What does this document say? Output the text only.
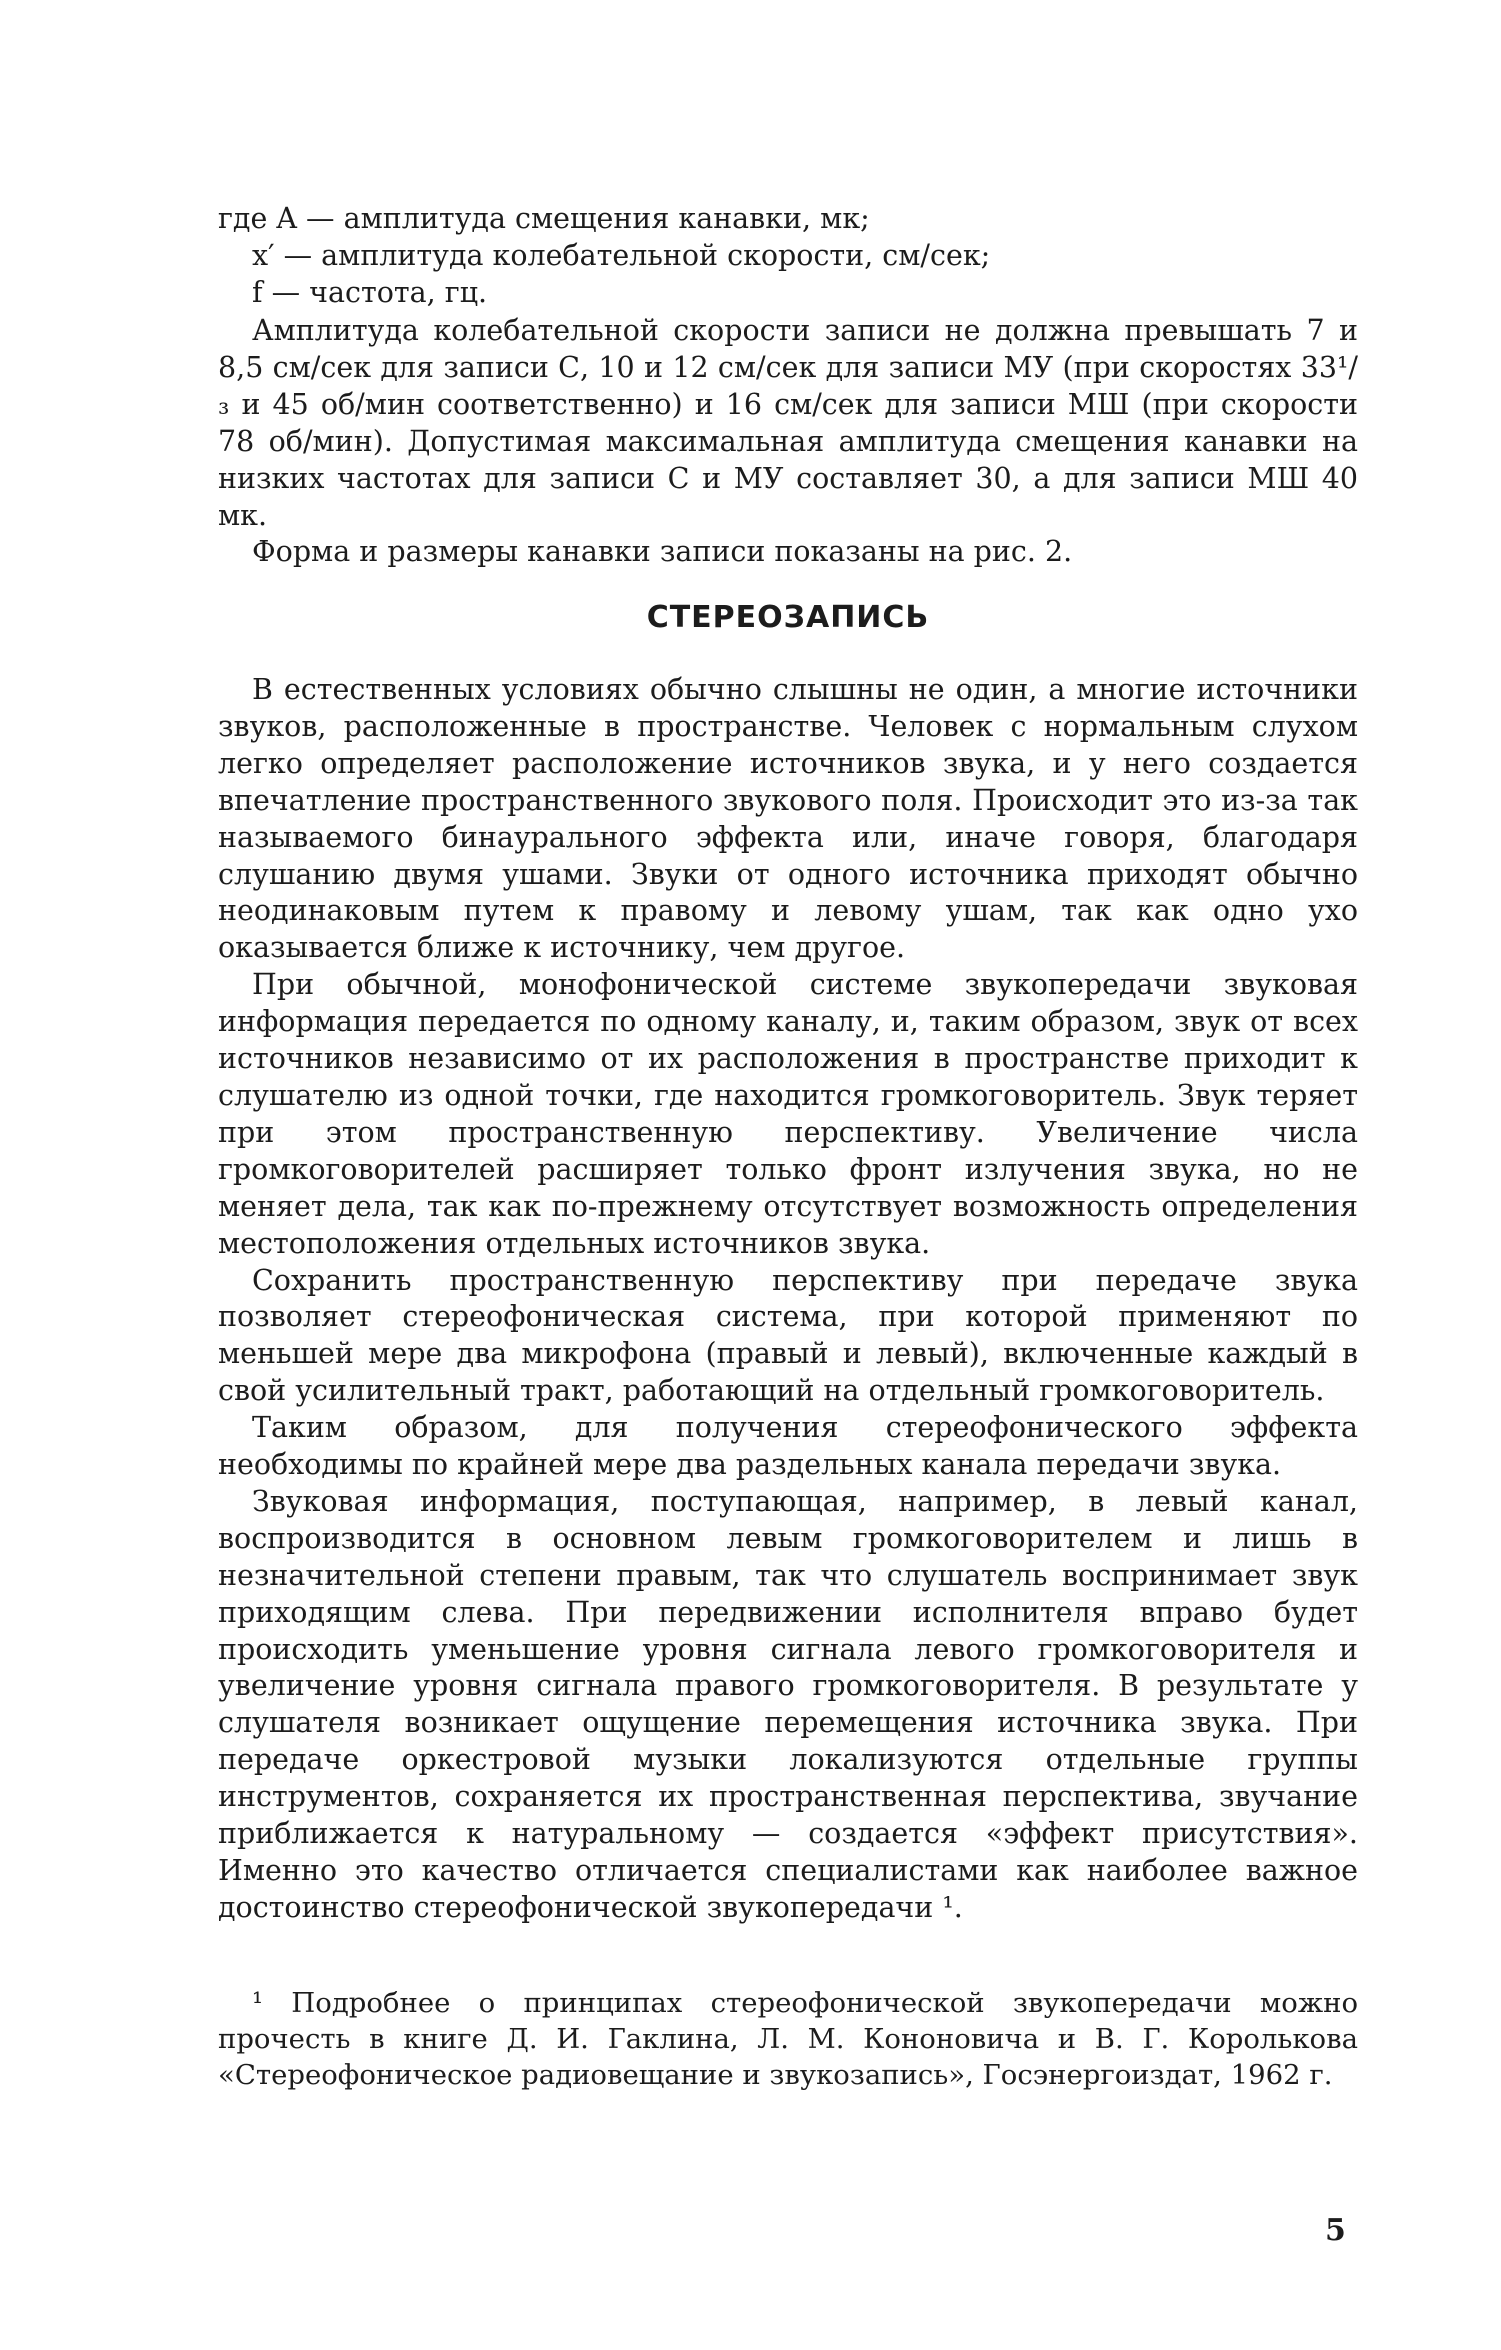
где A — амплитуда смещения канавки, мк;
x′ — амплитуда колебательной скорости, см/сек;
f — частота, гц.

Амплитуда колебательной скорости записи не должна превышать 7 и 8,5 см/сек для записи С, 10 и 12 см/сек для записи МУ (при скоростях 33¹/₃ и 45 об/мин соответственно) и 16 см/сек для записи МШ (при скорости 78 об/мин). Допустимая максимальная амплитуда смещения канавки на низких частотах для записи С и МУ составляет 30, а для записи МШ 40 мк.

Форма и размеры канавки записи показаны на рис. 2.

СТЕРЕОЗАПИСЬ

В естественных условиях обычно слышны не один, а многие источники звуков, расположенные в пространстве. Человек с нормальным слухом легко определяет расположение источников звука, и у него создается впечатление пространственного звукового поля. Происходит это из-за так называемого бинаурального эффекта или, иначе говоря, благодаря слушанию двумя ушами. Звуки от одного источника приходят обычно неодинаковым путем к правому и левому ушам, так как одно ухо оказывается ближе к источнику, чем другое.

При обычной, монофонической системе звукопередачи звуковая информация передается по одному каналу, и, таким образом, звук от всех источников независимо от их расположения в пространстве приходит к слушателю из одной точки, где находится громкоговоритель. Звук теряет при этом пространственную перспективу. Увеличение числа громкоговорителей расширяет только фронт излучения звука, но не меняет дела, так как по-прежнему отсутствует возможность определения местоположения отдельных источников звука.

Сохранить пространственную перспективу при передаче звука позволяет стереофоническая система, при которой применяют по меньшей мере два микрофона (правый и левый), включенные каждый в свой усилительный тракт, работающий на отдельный громкоговоритель.

Таким образом, для получения стереофонического эффекта необходимы по крайней мере два раздельных канала передачи звука.

Звуковая информация, поступающая, например, в левый канал, воспроизводится в основном левым громкоговорителем и лишь в незначительной степени правым, так что слушатель воспринимает звук приходящим слева. При передвижении исполнителя вправо будет происходить уменьшение уровня сигнала левого громкоговорителя и увеличение уровня сигнала правого громкоговорителя. В результате у слушателя возникает ощущение перемещения источника звука. При передаче оркестровой музыки локализуются отдельные группы инструментов, сохраняется их пространственная перспектива, звучание приближается к натуральному — создается «эффект присутствия». Именно это качество отличается специалистами как наиболее важное достоинство стереофонической звукопередачи ¹.

¹ Подробнее о принципах стереофонической звукопередачи можно прочесть в книге Д. И. Гаклина, Л. М. Кононовича и В. Г. Королькова «Стереофоническое радиовещание и звукозапись», Госэнергоиздат, 1962 г.

5
